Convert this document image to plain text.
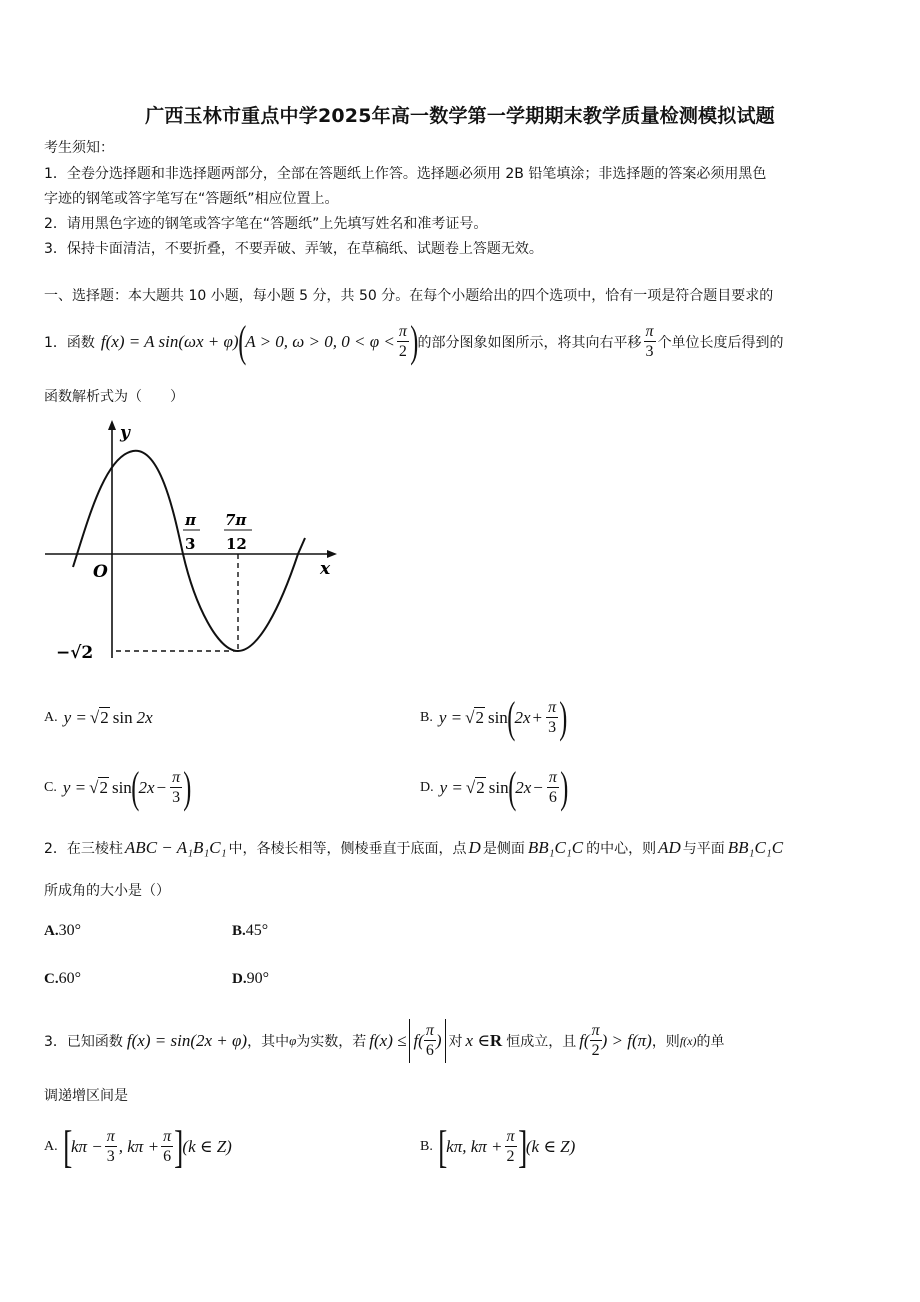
广西玉林市重点中学2025年高一数学第一学期期末教学质量检测模拟试题
考生须知：
1．全卷分选择题和非选择题两部分，全部在答题纸上作答。选择题必须用 2B 铅笔填涂；非选择题的答案必须用黑色
字迹的钢笔或答字笔写在“答题纸”相应位置上。
2．请用黑色字迹的钢笔或答字笔在“答题纸”上先填写姓名和准考证号。
3．保持卡面清洁，不要折叠，不要弄破、弄皱，在草稿纸、试题卷上答题无效。
一、选择题：本大题共 10 小题，每小题 5 分，共 50 分。在每个小题给出的四个选项中，恰有一项是符合题目要求的
1．函数 f(x) = A sin(ωx + φ) ( A > 0, ω > 0, $0 < \varphi < \frac{\pi}{2}$ ) 的部分图象如图所示，将其向右平移 $\frac{\pi}{3}$ 个单位长度后得到的
函数解析式为（　　）
y
x
O
π
3
7π
12
−√2
A. y = √2 sin 2x	B. y = √2 sin ( $2x + \frac{\pi}{3}$ )
C. y = √2 sin ( $2x - \frac{\pi}{3}$ )	D. y = √2 sin ( $2x - \frac{\pi}{6}$ )
2．在三棱柱 ABC − A₁B₁C₁ 中，各棱长相等，侧棱垂直于底面，点 D 是侧面 BB₁C₁C 的中心，则 AD 与平面 BB₁C₁C
所成角的大小是（）
A. 30°	B. 45°
C. 60°	D. 90°
3．已知函数 f(x) = sin(2x + φ) ，其中 φ 为实数，若 $f(x) \le f( \frac{\pi}{6}$ ) 对 x ∈ R 恒成立，且 $f( \frac{\pi}{2}$ ) > f(π) ，则 f(x) 的单
调递增区间是
A. [ $k\pi - \frac{\pi}{3}$ , $k\pi + \frac{\pi}{6}$ ] (k ∈ Z)	B. [ kπ, $k\pi + \frac{\pi}{2}$ ] (k ∈ Z)
